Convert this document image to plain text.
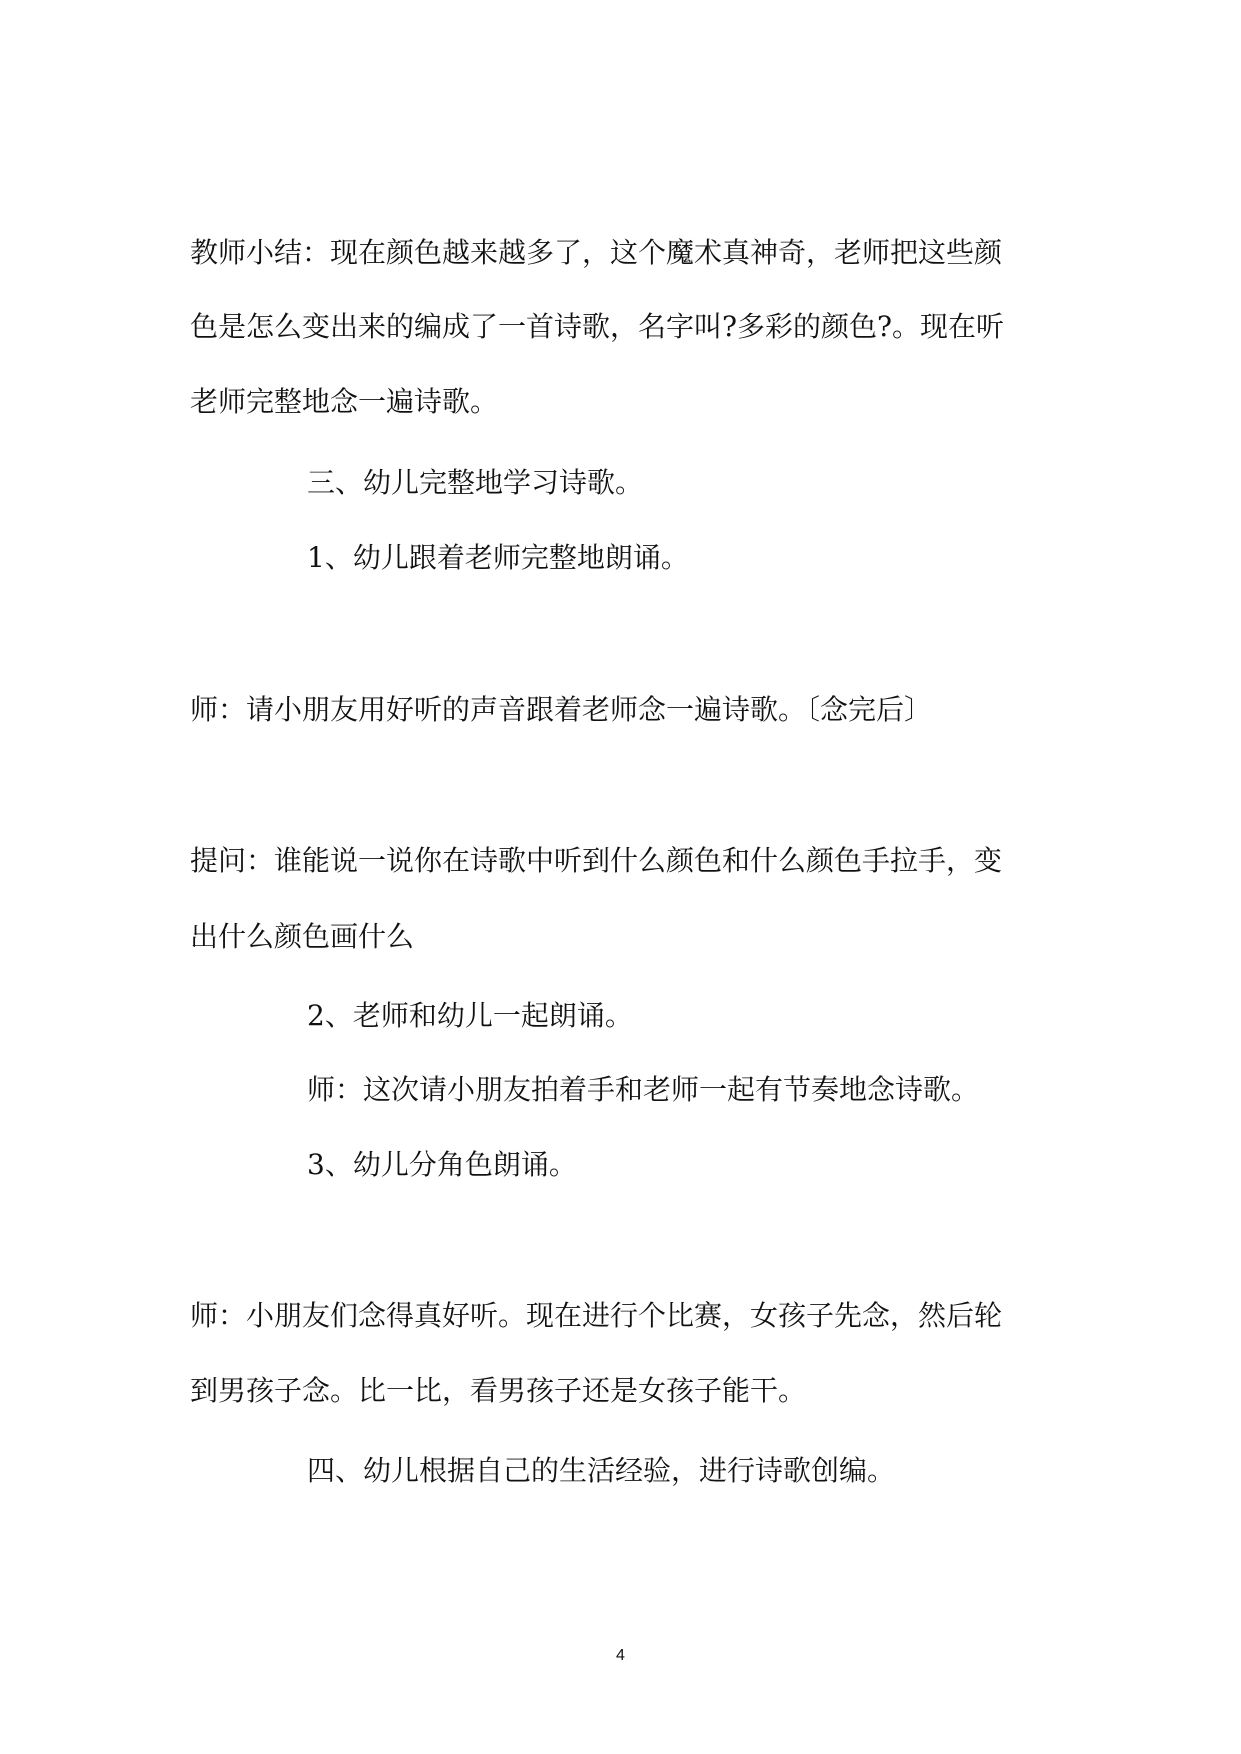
教师小结：现在颜色越来越多了，这个魔术真神奇，老师把这些颜
色是怎么变出来的编成了一首诗歌，名字叫?多彩的颜色?。现在听
老师完整地念一遍诗歌。
三、幼儿完整地学习诗歌。
1、幼儿跟着老师完整地朗诵。
师：请小朋友用好听的声音跟着老师念一遍诗歌。〔念完后〕
提问：谁能说一说你在诗歌中听到什么颜色和什么颜色手拉手，变
出什么颜色画什么
2、老师和幼儿一起朗诵。
师：这次请小朋友拍着手和老师一起有节奏地念诗歌。
3、幼儿分角色朗诵。
师：小朋友们念得真好听。现在进行个比赛，女孩子先念，然后轮
到男孩子念。比一比，看男孩子还是女孩子能干。
四、幼儿根据自己的生活经验，进行诗歌创编。
4
